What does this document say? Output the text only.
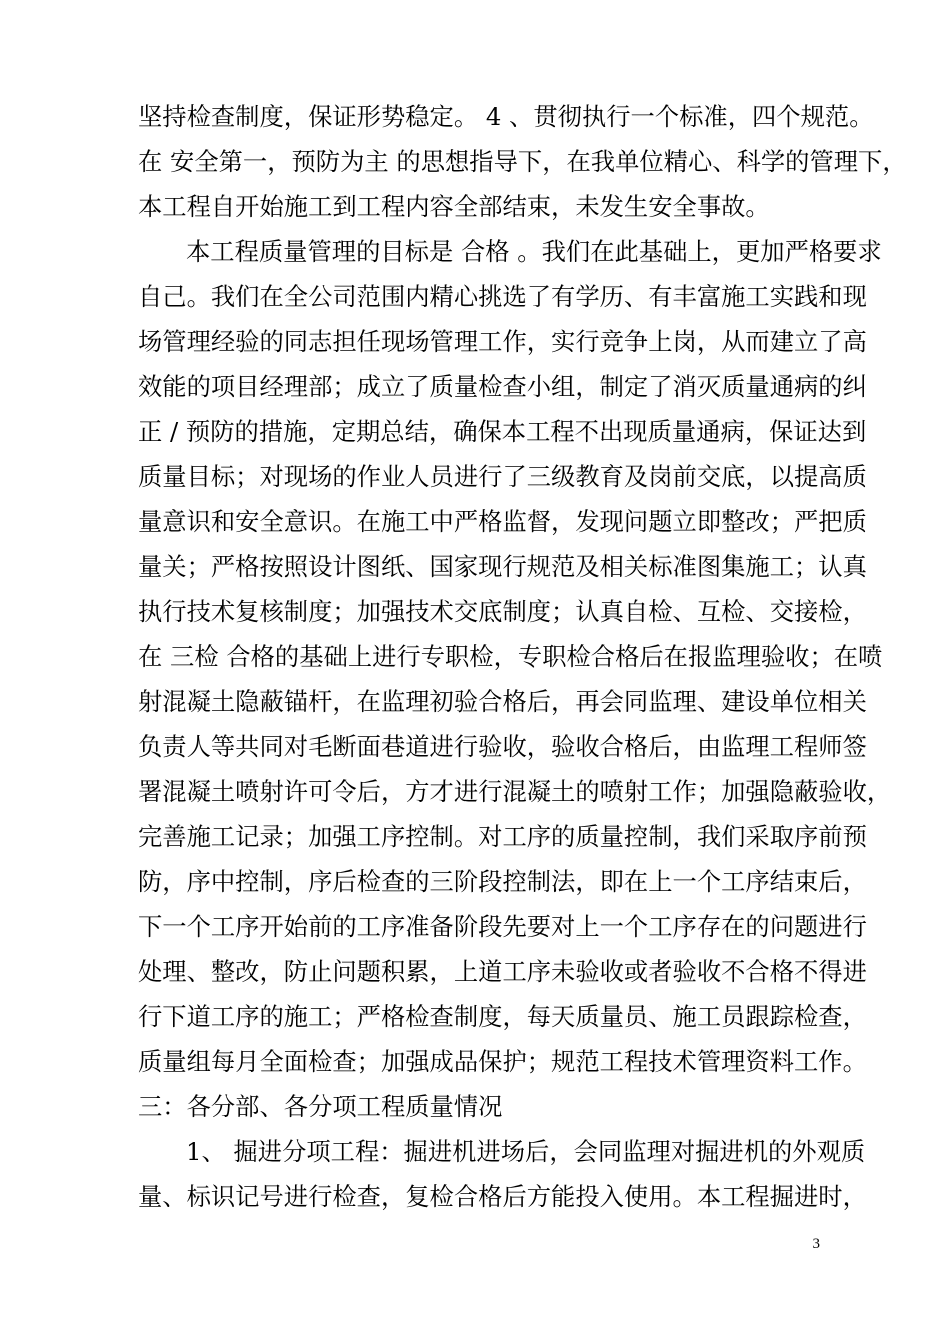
坚持检查制度，保证形势稳定。 4 、贯彻执行一个标准，四个规范。
在 安全第一，预防为主 的思想指导下，在我单位精心、科学的管理下，
本工程自开始施工到工程内容全部结束，未发生安全事故。
本工程质量管理的目标是 合格 。我们在此基础上，更加严格要求
自己。我们在全公司范围内精心挑选了有学历、有丰富施工实践和现
场管理经验的同志担任现场管理工作，实行竞争上岗，从而建立了高
效能的项目经理部；成立了质量检查小组，制定了消灭质量通病的纠
正 / 预防的措施，定期总结，确保本工程不出现质量通病，保证达到
质量目标；对现场的作业人员进行了三级教育及岗前交底，以提高质
量意识和安全意识。在施工中严格监督，发现问题立即整改；严把质
量关；严格按照设计图纸、国家现行规范及相关标准图集施工；认真
执行技术复核制度；加强技术交底制度；认真自检、互检、交接检，
在 三检 合格的基础上进行专职检，专职检合格后在报监理验收；在喷
射混凝土隐蔽锚杆，在监理初验合格后，再会同监理、建设单位相关
负责人等共同对毛断面巷道进行验收，验收合格后，由监理工程师签
署混凝土喷射许可令后，方才进行混凝土的喷射工作；加强隐蔽验收，
完善施工记录；加强工序控制。对工序的质量控制，我们采取序前预
防，序中控制，序后检查的三阶段控制法，即在上一个工序结束后，
下一个工序开始前的工序准备阶段先要对上一个工序存在的问题进行
处理、整改，防止问题积累，上道工序未验收或者验收不合格不得进
行下道工序的施工；严格检查制度，每天质量员、施工员跟踪检查，
质量组每月全面检查；加强成品保护；规范工程技术管理资料工作。
三：各分部、各分项工程质量情况
1、 掘进分项工程：掘进机进场后，会同监理对掘进机的外观质
量、标识记号进行检查，复检合格后方能投入使用。本工程掘进时，
3
